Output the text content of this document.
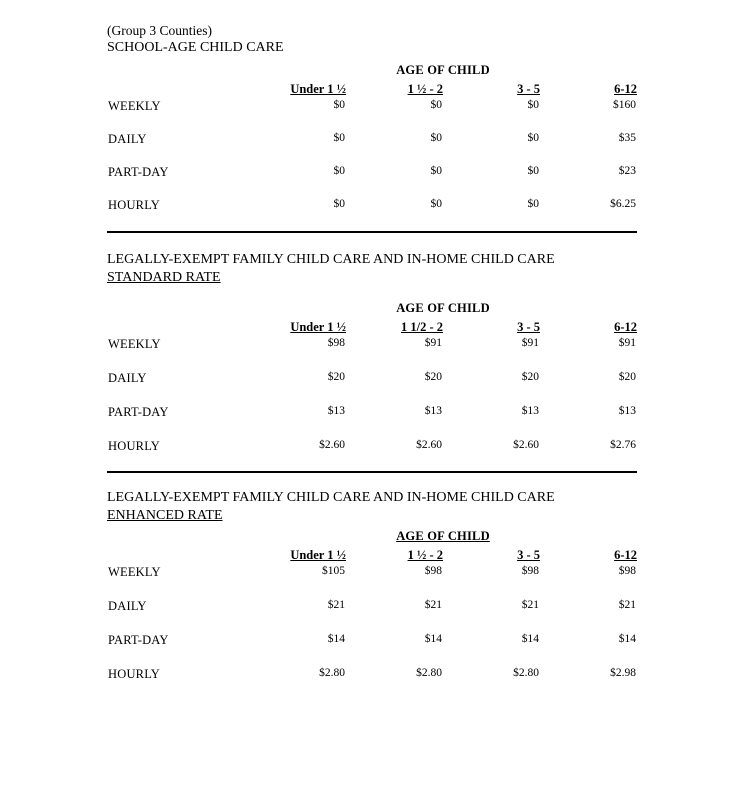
(Group 3 Counties)
SCHOOL-AGE CHILD CARE
	AGE OF CHILD			
	Under 1 ½	1 ½ - 2	3 - 5	6-12
WEEKLY	$0	$0	$0	$160
DAILY	$0	$0	$0	$35
PART-DAY	$0	$0	$0	$23
HOURLY	$0	$0	$0	$6.25
LEGALLY-EXEMPT FAMILY CHILD CARE AND IN-HOME CHILD CARE
STANDARD RATE
	AGE OF CHILD			
	Under 1 ½	1 1/2 - 2	3 - 5	6-12
WEEKLY	$98	$91	$91	$91
DAILY	$20	$20	$20	$20
PART-DAY	$13	$13	$13	$13
HOURLY	$2.60	$2.60	$2.60	$2.76
LEGALLY-EXEMPT FAMILY CHILD CARE AND IN-HOME CHILD CARE
ENHANCED RATE
	AGE OF CHILD			
	Under 1 ½	1 ½ - 2	3 - 5	6-12
WEEKLY	$105	$98	$98	$98
DAILY	$21	$21	$21	$21
PART-DAY	$14	$14	$14	$14
HOURLY	$2.80	$2.80	$2.80	$2.98
